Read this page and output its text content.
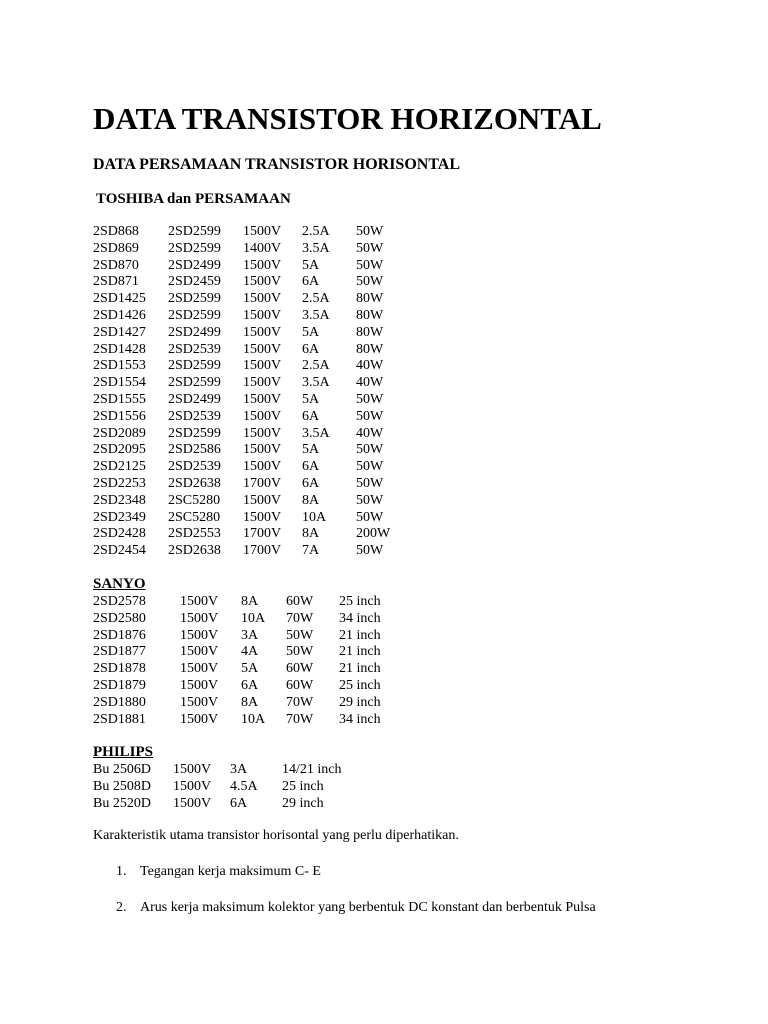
DATA TRANSISTOR HORIZONTAL
DATA PERSAMAAN TRANSISTOR HORISONTAL
TOSHIBA dan PERSAMAAN
2SD868 2SD2599 1500V 2.5A 50W
2SD869 2SD2599 1400V 3.5A 50W
2SD870 2SD2499 1500V 5A	50W
2SD871 2SD2459 1500V 6A	50W
2SD1425 2SD2599 1500V 2.5A 80W
2SD1426 2SD2599 1500V 3.5A 80W
2SD1427 2SD2499 1500V 5A	80W
2SD1428 2SD2539 1500V 6A	80W
2SD1553 2SD2599 1500V 2.5A 40W
2SD1554 2SD2599 1500V 3.5A 40W
2SD1555 2SD2499 1500V 5A	50W
2SD1556 2SD2539 1500V 6A	50W
2SD2089 2SD2599 1500V 3.5A 40W
2SD2095 2SD2586 1500V 5A	50W
2SD2125 2SD2539 1500V 6A	50W
2SD2253 2SD2638 1700V 6A	50W
2SD2348 2SC5280 1500V 8A	50W
2SD2349 2SC5280 1500V 10A 50W
2SD2428 2SD2553 1700V 8A	200W
2SD2454 2SD2638 1700V 7A	50W
SANYO
2SD2578 1500V 8A 60W 25 inch
2SD2580 1500V 10A 70W 34 inch
2SD1876 1500V 3A 50W 21 inch
2SD1877 1500V 4A 50W 21 inch
2SD1878 1500V 5A 60W 21 inch
2SD1879 1500V 6A 60W 25 inch
2SD1880 1500V 8A 70W 29 inch
2SD1881 1500V 10A 70W 34 inch
PHILIPS
Bu 2506D 1500V 3A 14/21 inch
Bu 2508D 1500V 4.5A 25 inch
Bu 2520D 1500V 6A 29 inch
Karakteristik utama transistor horisontal yang perlu diperhatikan.
1. Tegangan kerja maksimum C- E
2. Arus kerja maksimum kolektor yang berbentuk DC konstant dan berbentuk Pulsa
